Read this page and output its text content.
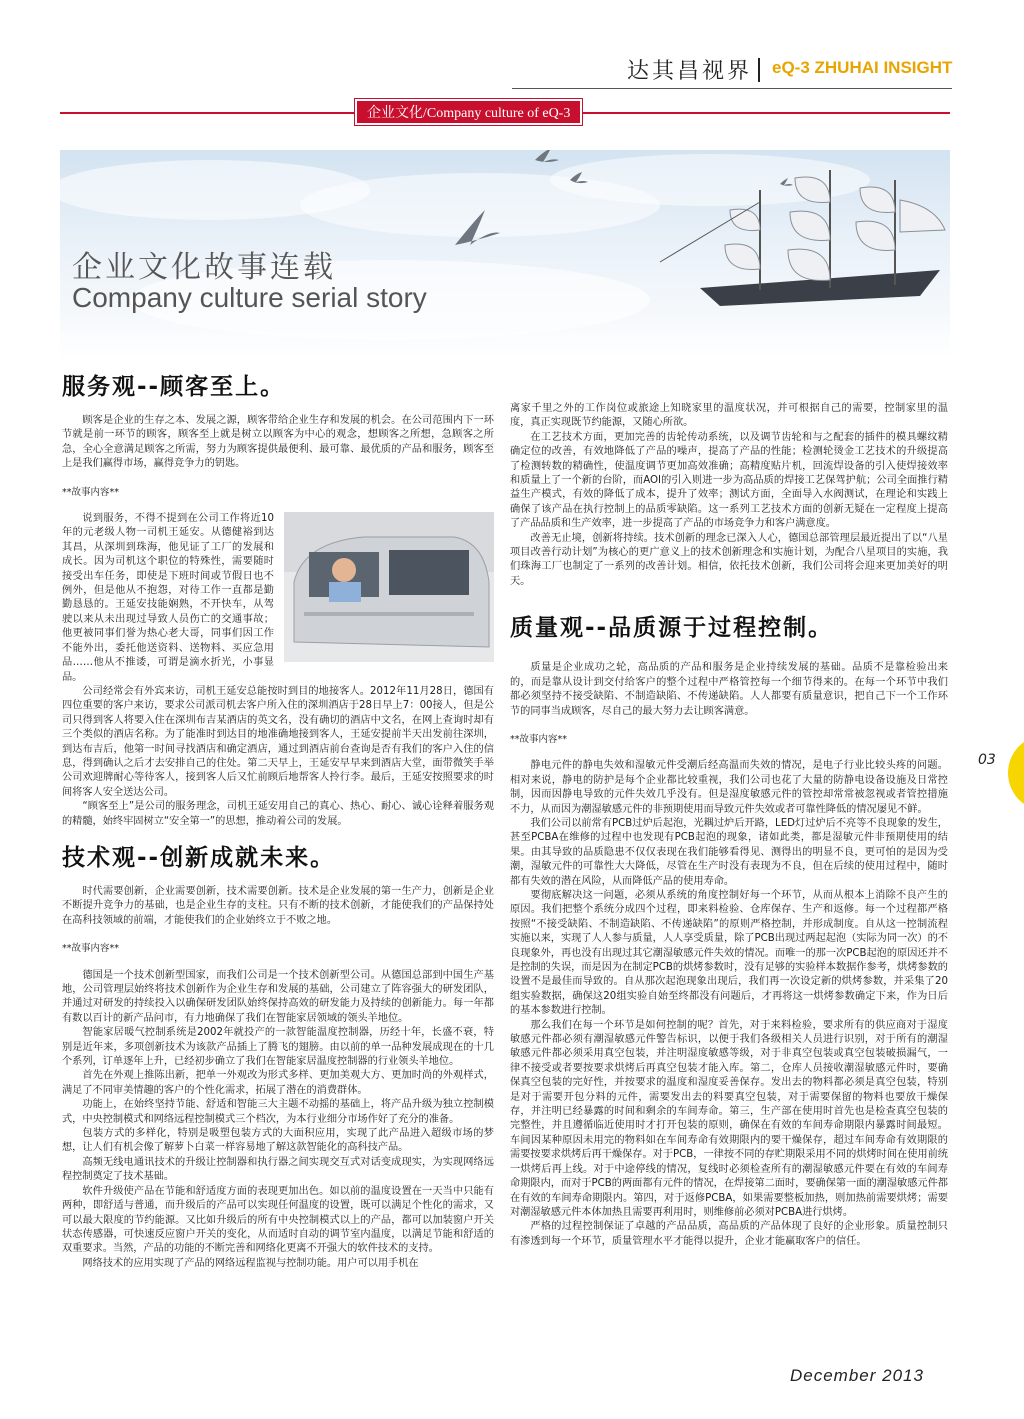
达其昌视界 eQ-3 ZHUHAI INSIGHT
企业文化/Company culture of eQ-3
企业文化故事连载
Company culture serial story
服务观--顾客至上。

顾客是企业的生存之本、发展之源，顾客带给企业生存和发展的机会。在公司范围内下一环节就是前一环节的顾客，顾客至上就是树立以顾客为中心的观念，想顾客之所想，急顾客之所急，全心全意满足顾客之所需，努力为顾客提供最便利、最可靠、最优质的产品和服务，顾客至上是我们赢得市场，赢得竞争力的钥匙。

**故事内容**

说到服务，不得不提到在公司工作将近10年的元老级人物一司机王延安。从德健裕到达其昌，从深圳到珠海，他见证了工厂的发展和成长。因为司机这个职位的特殊性，需要随时接受出车任务，即使是下班时间或节假日也不例外，但是他从不抱怨，对待工作一直都是勤勤恳恳的。王延安技能娴熟，不开快车，从驾驶以来从未出现过导致人员伤亡的交通事故；他更被同事们誉为热心老大哥，同事们因工作不能外出，委托他送资料、送物料、买应急用品……他从不推诿，可谓是滴水折光，小事显品。

公司经常会有外宾来访，司机王延安总能按时到目的地接客人。2012年11月28日，德国有四位重要的客户来访，要求公司派司机去客户所入住的深圳酒店于28日早上7：00接人，但是公司只得到客人将要入住在深圳布吉某酒店的英文名，没有确切的酒店中文名，在网上查询时却有三个类似的酒店名称。为了能准时到达目的地准确地接到客人，王延安提前半天出发前往深圳，到达布吉后，他第一时间寻找酒店和确定酒店，通过到酒店前台查询是否有我们的客户入住的信息，得到确认之后才去安排自己的住处。第二天早上，王延安早早来到酒店大堂，面带微笑手举公司欢迎牌耐心等待客人，接到客人后又忙前顾后地帮客人拎行李。最后，王延安按照要求的时间将客人安全送达公司。

“顾客至上”是公司的服务理念，司机王延安用自己的真心、热心、耐心、诚心诠释着服务观的精髓，始终牢固树立“安全第一”的思想，推动着公司的发展。

技术观--创新成就未来。

时代需要创新，企业需要创新，技术需要创新。技术是企业发展的第一生产力，创新是企业不断提升竞争力的基础，也是企业生存的支柱。只有不断的技术创新，才能使我们的产品保持处在高科技领域的前端，才能使我们的企业始终立于不败之地。

**故事内容**

德国是一个技术创新型国家，而我们公司是一个技术创新型公司。从德国总部到中国生产基地，公司管理层始终将技术创新作为企业生存和发展的基础，公司建立了阵容强大的研发团队，并通过对研发的持续投入以确保研发团队始终保持高效的研发能力及持续的创新能力。每一年都有数以百计的新产品问市，有力地确保了我们在智能家居领域的领头羊地位。

智能家居暖气控制系统是2002年就投产的一款智能温度控制器，历经十年，长盛不衰，特别是近年来，多项创新技术为该款产品插上了腾飞的翅膀。由以前的单一品种发展成现在的十几个系列，订单逐年上升，已经初步确立了我们在智能家居温度控制器的行业领头羊地位。

首先在外观上推陈出新，把单一外观改为形式多样、更加美观大方、更加时尚的外观样式，满足了不同审美情趣的客户的个性化需求，拓展了潜在的消费群体。

功能上，在始终坚持节能、舒适和智能三大主题不动摇的基础上，将产品升级为独立控制模式，中央控制模式和网络远程控制模式三个档次，为本行业细分市场作好了充分的准备。

包装方式的多样化，特别是吸塑包装方式的大面积应用，实现了此产品进入超级市场的梦想，让人们有机会像了解萝卜白菜一样容易地了解这款智能化的高科技产品。

高频无线电通讯技术的升级让控制器和执行器之间实现交互式对话变成现实，为实现网络远程控制奠定了技术基础。

软件升级使产品在节能和舒适度方面的表现更加出色。如以前的温度设置在一天当中只能有两种，即舒适与普通，而升级后的产品可以实现任何温度的设置，既可以满足个性化的需求，又可以最大限度的节约能源。又比如升级后的所有中央控制模式以上的产品，都可以加装窗户开关状态传感器，可快速反应窗户开关的变化，从而适时自动的调节室内温度，以满足节能和舒适的双重要求。当然，产品的功能的不断完善和网络化更离不开强大的软件技术的支持。

网络技术的应用实现了产品的网络远程监视与控制功能。用户可以用手机在

离家千里之外的工作岗位或旅途上知晓家里的温度状况，并可根据自己的需要，控制家里的温度，真正实现既节约能源，又随心所欲。

在工艺技术方面，更加完善的齿轮传动系统，以及调节齿轮和与之配套的插件的模具螺纹精确定位的改善，有效地降低了产品的噪声，提高了产品的性能；检测轮烫金工艺技术的升级提高了检测转数的精确性，使温度调节更加高效准确；高精度贴片机，回流焊设备的引入使焊接效率和质量上了一个新的台阶，而AOI的引入则进一步为高品质的焊接工艺保驾护航；公司全面推行精益生产模式，有效的降低了成本，提升了效率；测试方面，全面导入水阀测试，在理论和实践上确保了该产品在执行控制上的品质零缺陷。这一系列工艺技术方面的创新无疑在一定程度上提高了产品品质和生产效率，进一步提高了产品的市场竞争力和客户满意度。

改善无止境，创新将持续。技术创新的理念已深入人心，德国总部管理层最近提出了以“八星项目改善行动计划”为核心的更广意义上的技术创新理念和实施计划，为配合八星项目的实施，我们珠海工厂也制定了一系列的改善计划。相信，依托技术创新，我们公司将会迎来更加美好的明天。

质量观--品质源于过程控制。

质量是企业成功之轮，高品质的产品和服务是企业持续发展的基础。品质不是靠检验出来的，而是靠从设计到交付给客户的整个过程中严格管控每一个细节得来的。在每一个环节中我们都必须坚持不接受缺陷、不制造缺陷、不传递缺陷。人人都要有质量意识，把自己下一个工作环节的同事当成顾客，尽自己的最大努力去让顾客满意。

**故事内容**

静电元件的静电失效和湿敏元件受潮后经高温而失效的情况，是电子行业比较头疼的问题。相对来说，静电的防护是每个企业都比较重视，我们公司也花了大量的防静电设备设施及日常控制，因而因静电导致的元件失效几乎没有。但是湿度敏感元件的管控却常常被忽视或者管控措施不力，从而因为潮湿敏感元件的非预期使用而导致元件失效或者可靠性降低的情况屡见不鲜。

我们公司以前常有PCB过炉后起泡，光耦过炉后开路，LED灯过炉后不亮等不良现象的发生，甚至PCBA在维修的过程中也发现有PCB起泡的现象，诸如此类，都是湿敏元件非预期使用的结果。由其导致的品质隐患不仅仅表现在我们能够看得见、测得出的明显不良，更可怕的是因为受潮，湿敏元件的可靠性大大降低，尽管在生产时没有表现为不良，但在后续的使用过程中，随时都有失效的潜在风险，从而降低产品的使用寿命。

要彻底解决这一问题，必须从系统的角度控制好每一个环节，从而从根本上消除不良产生的原因。我们把整个系统分成四个过程，即来料检验、仓库保存、生产和返修。每一个过程都严格按照“不接受缺陷、不制造缺陷、不传递缺陷”的原则严格控制，并形成制度。自从这一控制流程实施以来，实现了人人参与质量，人人享受质量，除了PCB出现过两起起泡（实际为同一次）的不良现象外，再也没有出现过其它潮湿敏感元件失效的情况。而唯一的那一次PCB起泡的原因还并不是控制的失误，而是因为在制定PCB的烘烤参数时，没有足够的实验样本数据作参考，烘烤参数的设置不是最佳而导致的。自从那次起泡现象出现后，我们再一次设定新的烘烤参数，并采集了20组实验数据，确保这20组实验自始至终都没有问题后，才再将这一烘烤参数确定下来，作为日后的基本参数进行控制。

那么我们在每一个环节是如何控制的呢？首先，对于来料检验，要求所有的供应商对于湿度敏感元件都必须有潮湿敏感元件警告标识，以便于我们各级相关人员进行识别，对于所有的潮湿敏感元件都必须采用真空包装，并注明湿度敏感等级，对于非真空包装或真空包装破损漏气，一律不接受或者要按要求烘烤后再真空包装才能入库。第二，仓库人员接收潮湿敏感元件时，要确保真空包装的完好性，并按要求的温度和湿度妥善保存。发出去的物料都必须是真空包装，特别是对于需要开包分料的元件，需要发出去的料要真空包装，对于需要保留的物料也要放干燥保存，并注明已经暴露的时间和剩余的车间寿命。第三，生产部在使用时首先也是检查真空包装的完整性，并且遵循临近使用时才打开包装的原则，确保在有效的车间寿命期限内暴露时间最短。车间因某种原因未用完的物料如在车间寿命有效期限内的要干燥保存，超过车间寿命有效期限的需要按要求烘烤后再干燥保存。对于PCB，一律按不同的存贮期限采用不同的烘烤时间在使用前统一烘烤后再上线。对于中途停线的情况，复线时必须检查所有的潮湿敏感元件要在有效的车间寿命期限内，而对于PCB的两面都有元件的情况，在焊接第二面时，要确保第一面的潮湿敏感元件都在有效的车间寿命期限内。第四，对于返修PCBA，如果需要整板加热，则加热前需要烘烤；需要对潮湿敏感元件本体加热且需要再利用时，则维修前必须对PCBA进行烘烤。

严格的过程控制保证了卓越的产品品质，高品质的产品体现了良好的企业形象。质量控制只有渗透到每一个环节，质量管理水平才能得以提升，企业才能赢取客户的信任。

03
December 2013
